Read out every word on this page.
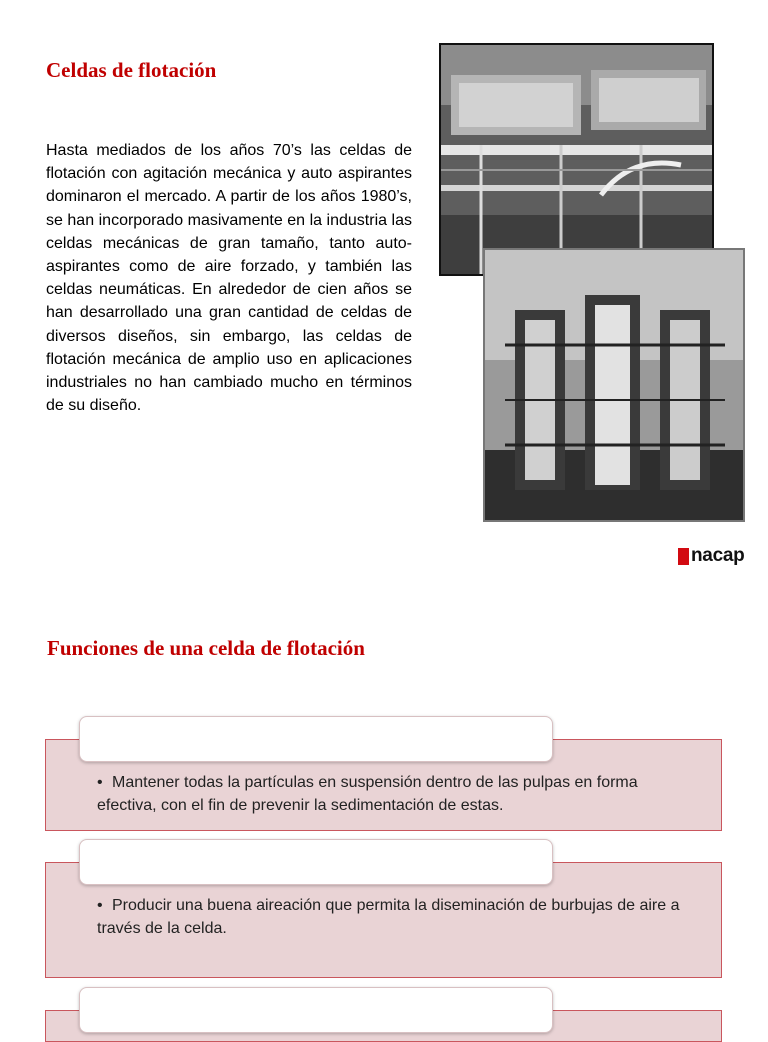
Celdas de flotación

Hasta mediados de los años 70’s las celdas de flotación con agitación mecánica y auto aspirantes dominaron el mercado. A partir de los años 1980’s, se han incorporado masivamente en la industria las celdas mecánicas de gran tamaño, tanto auto-aspirantes como de aire forzado, y también las celdas neumáticas. En alrededor de cien años se han desarrollado una gran cantidad de celdas de diversos diseños, sin embargo, las celdas de flotación mecánica de amplio uso en aplicaciones industriales no han cambiado mucho en términos de su diseño.

nacap
Funciones de una celda de flotación

• Mantener todas la partículas en suspensión dentro de las pulpas en forma efectiva, con el fin de prevenir la sedimentación de estas.

• Producir una buena aireación que permita la diseminación de burbujas de aire a través de la celda.
